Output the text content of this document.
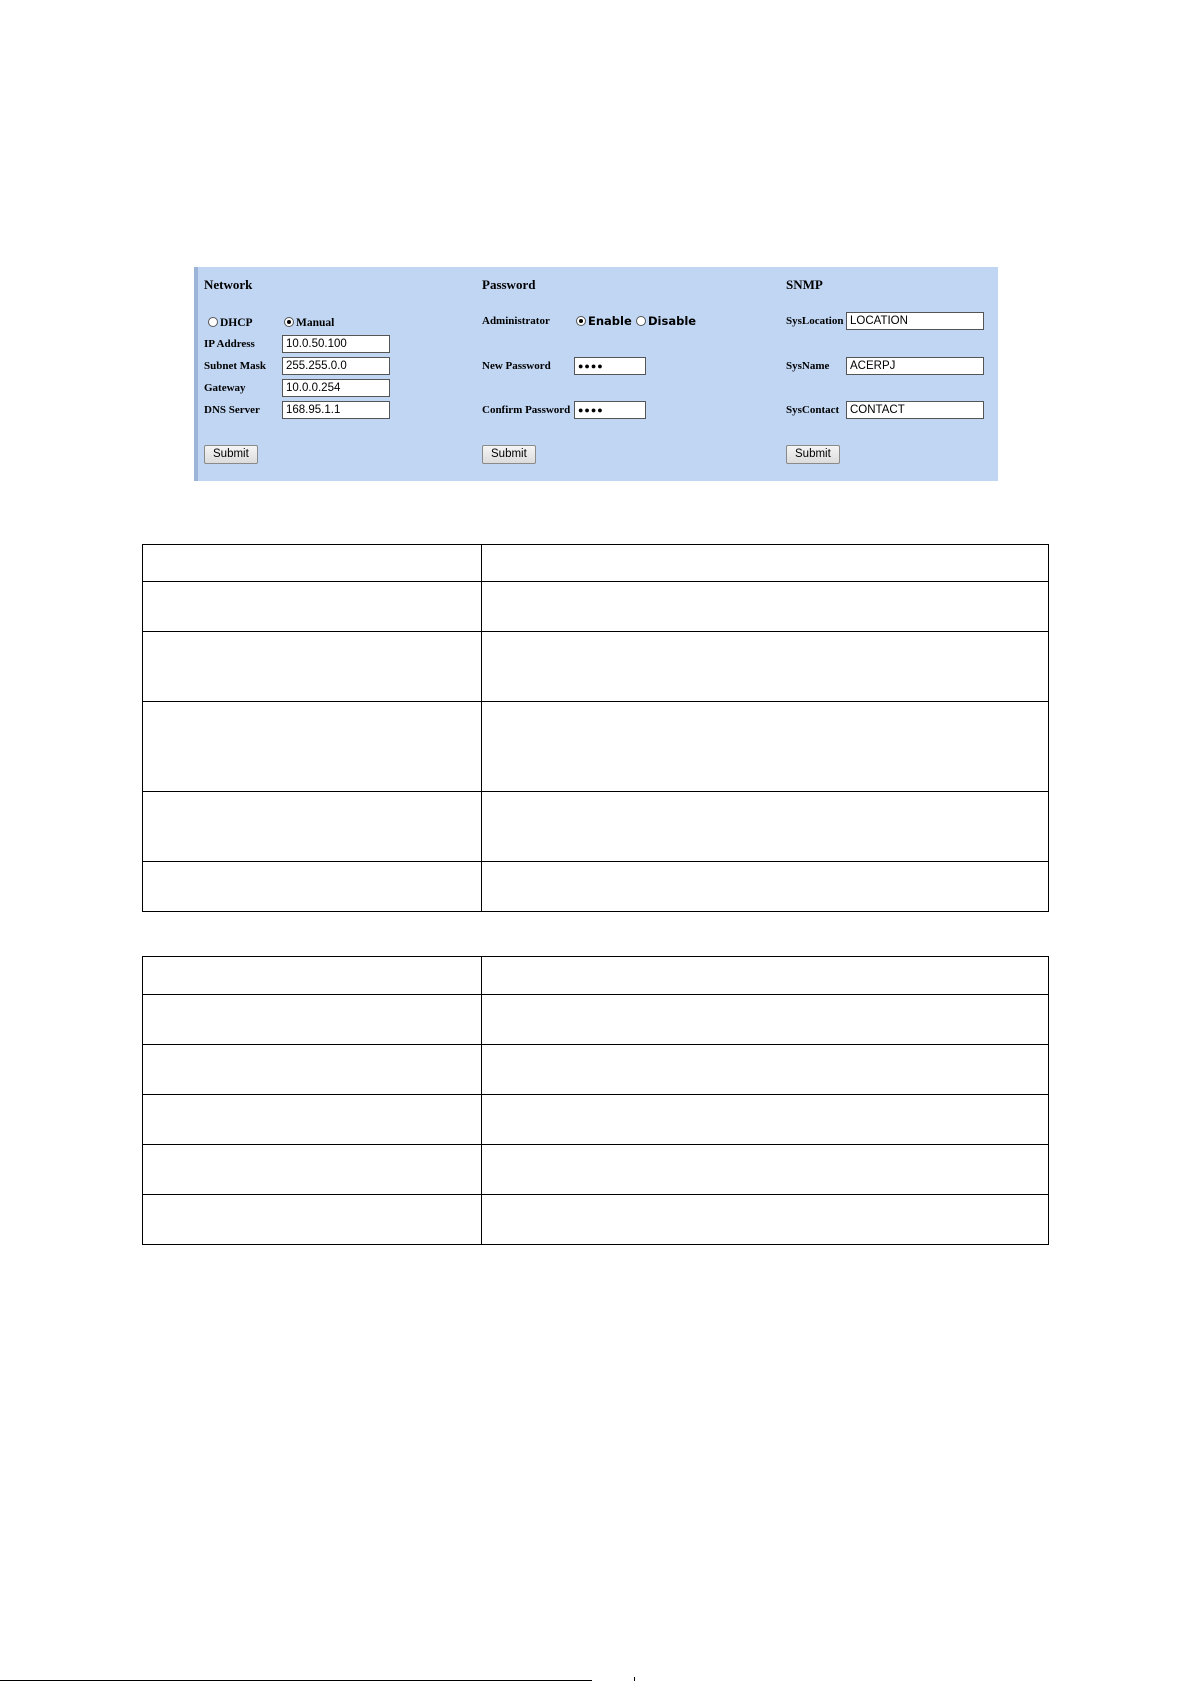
Network
DHCP	Manual
IP Address	10.0.50.100
Subnet Mask	255.255.0.0
Gateway	10.0.0.254
DNS Server	168.95.1.1
Submit
Password
Administrator	Enable	Disable
New Password	●●●●
Confirm Password ●●●●
Submit
SNMP
SysLocation LOCATION
SysName	ACERPJ
SysContact CONTACT
Submit
